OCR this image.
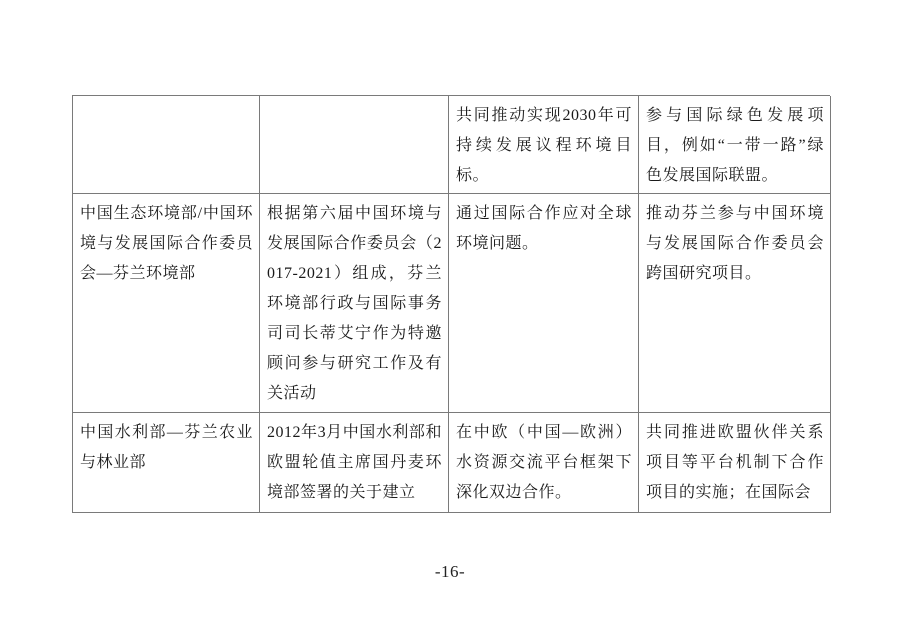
共同推动实现2030年可持续发展议程环境目标。
参与国际绿色发展项目，例如“一带一路”绿色发展国际联盟。
中国生态环境部/中国环境与发展国际合作委员会—芬兰环境部
根据第六届中国环境与发展国际合作委员会（2017-2021）组成，芬兰环境部行政与国际事务司司长蒂艾宁作为特邀顾问参与研究工作及有关活动
通过国际合作应对全球环境问题。
推动芬兰参与中国环境与发展国际合作委员会跨国研究项目。
中国水利部—芬兰农业与林业部
2012年3月中国水利部和欧盟轮值主席国丹麦环境部签署的关于建立
在中欧（中国—欧洲）水资源交流平台框架下深化双边合作。
共同推进欧盟伙伴关系项目等平台机制下合作项目的实施；在国际会
-16-
